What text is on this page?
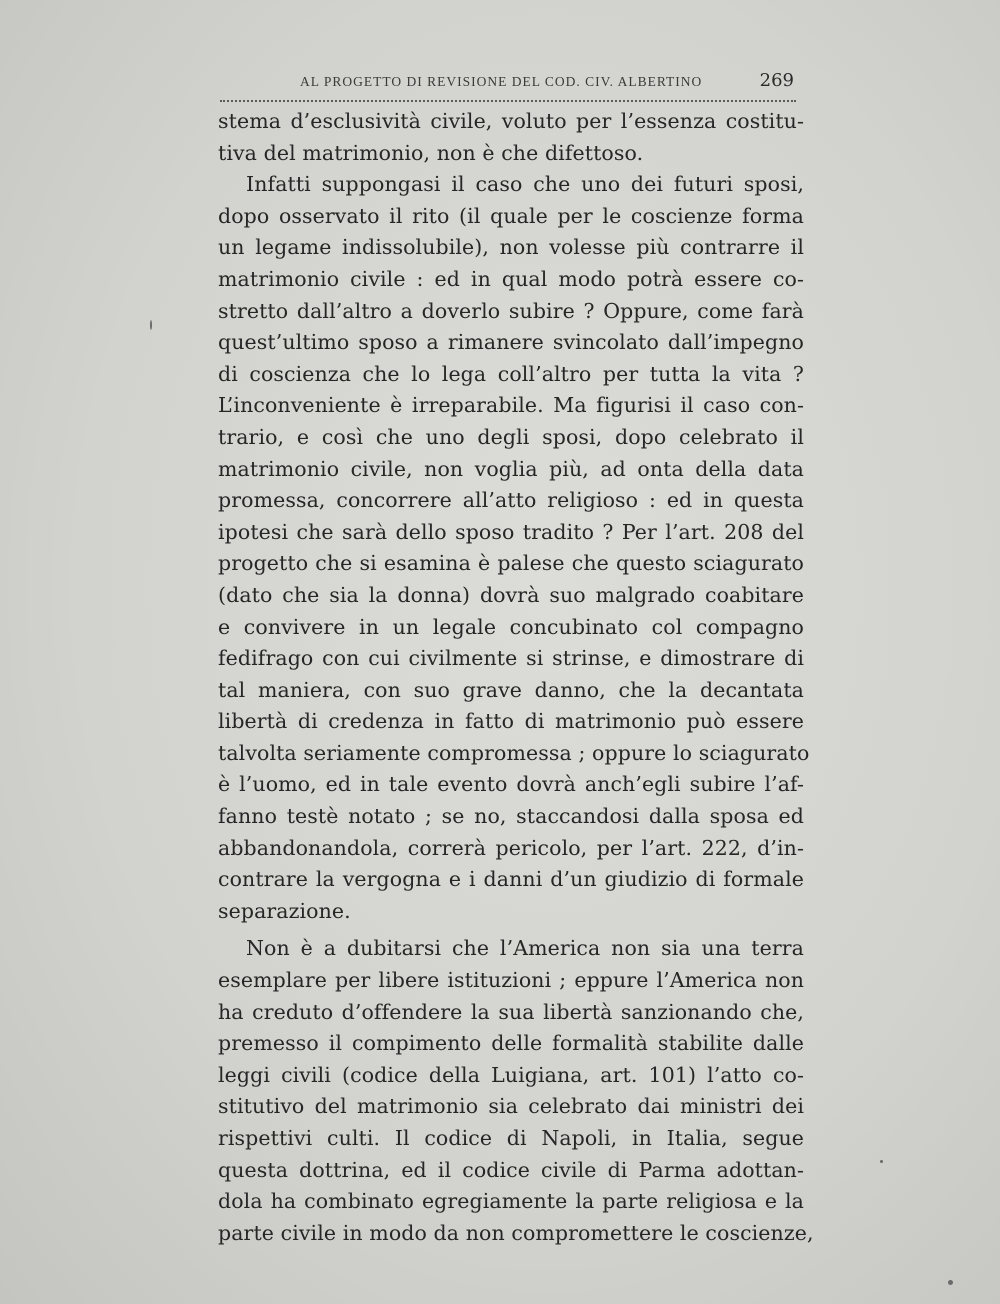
AL PROGETTO DI REVISIONE DEL COD. CIV. ALBERTINO	269
stema d’esclusività civile, voluto per l’essenza costitu-
tiva del matrimonio, non è che difettoso.
Infatti suppongasi il caso che uno dei futuri sposi,
dopo osservato il rito (il quale per le coscienze forma
un legame indissolubile), non volesse più contrarre il
matrimonio civile : ed in qual modo potrà essere co-
stretto dall’altro a doverlo subire ? Oppure, come farà
quest’ultimo sposo a rimanere svincolato dall’impegno
di coscienza che lo lega coll’altro per tutta la vita ?
L’inconveniente è irreparabile. Ma figurisi il caso con-
trario, e così che uno degli sposi, dopo celebrato il
matrimonio civile, non voglia più, ad onta della data
promessa, concorrere all’atto religioso : ed in questa
ipotesi che sarà dello sposo tradito ? Per l’art. 208 del
progetto che si esamina è palese che questo sciagurato
(dato che sia la donna) dovrà suo malgrado coabitare
e convivere in un legale concubinato col compagno
fedifrago con cui civilmente si strinse, e dimostrare di
tal maniera, con suo grave danno, che la decantata
libertà di credenza in fatto di matrimonio può essere
talvolta seriamente compromessa ; oppure lo sciagurato
è l’uomo, ed in tale evento dovrà anch’egli subire l’af-
fanno testè notato ; se no, staccandosi dalla sposa ed
abbandonandola, correrà pericolo, per l’art. 222, d’in-
contrare la vergogna e i danni d’un giudizio di formale
separazione.
Non è a dubitarsi che l’America non sia una terra
esemplare per libere istituzioni ; eppure l’America non
ha creduto d’offendere la sua libertà sanzionando che,
premesso il compimento delle formalità stabilite dalle
leggi civili (codice della Luigiana, art. 101) l’atto co-
stitutivo del matrimonio sia celebrato dai ministri dei
rispettivi culti. Il codice di Napoli, in Italia, segue
questa dottrina, ed il codice civile di Parma adottan-
dola ha combinato egregiamente la parte religiosa e la
parte civile in modo da non compromettere le coscienze,
